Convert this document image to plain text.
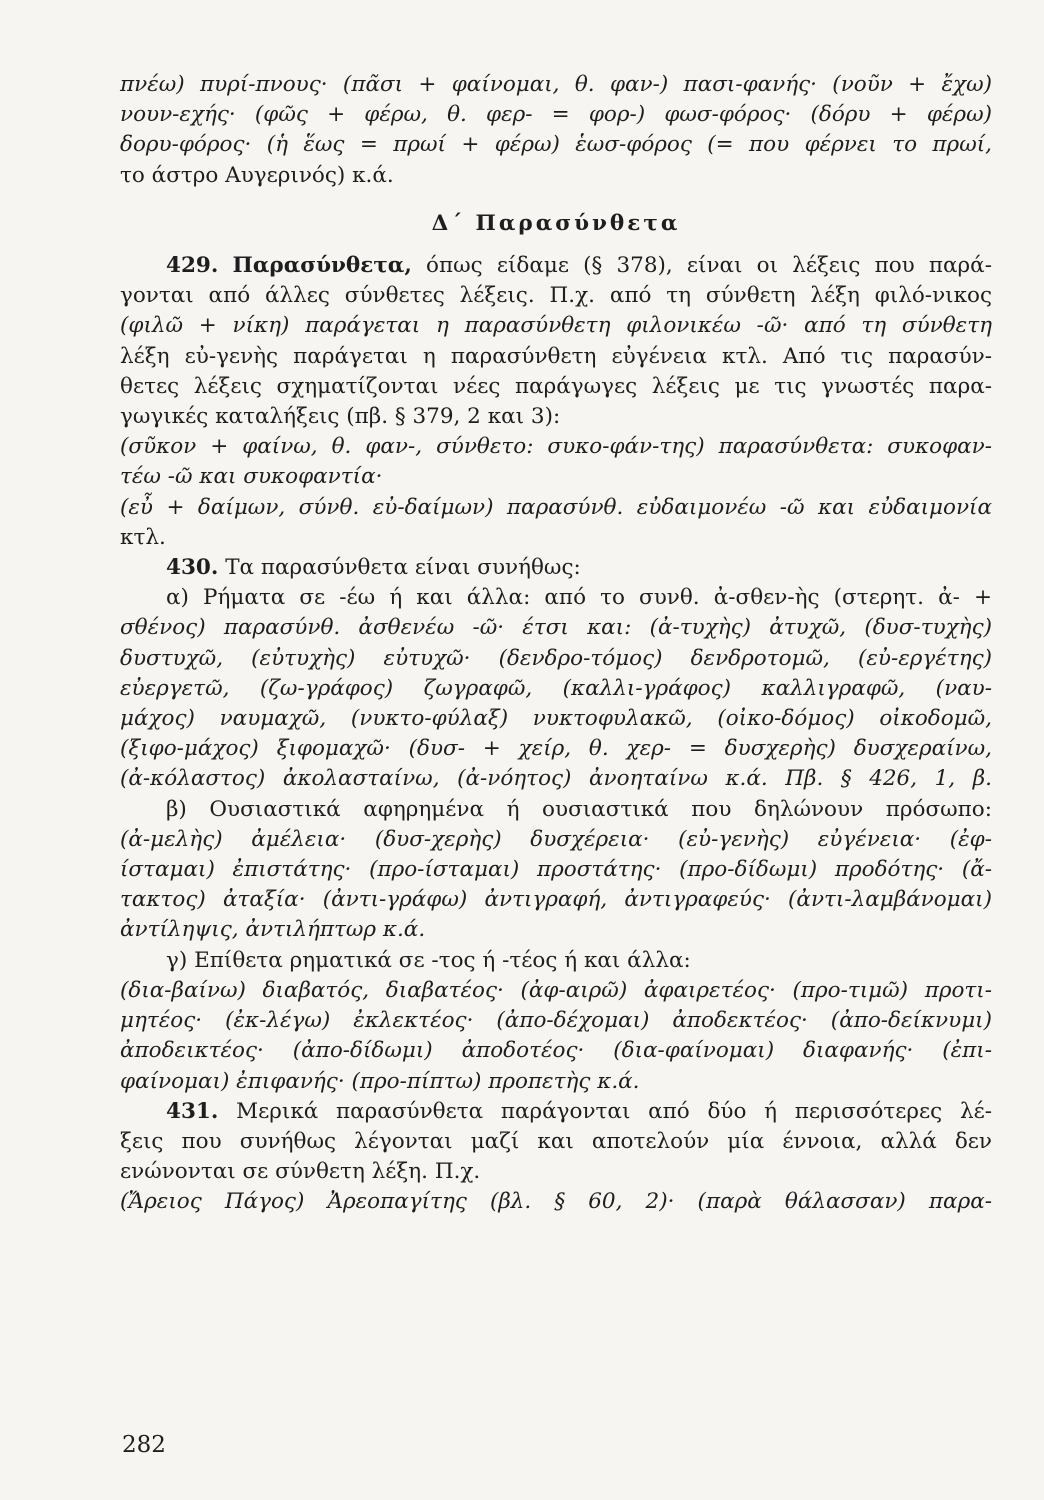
πνέω) πυρί-πνους· (πᾶσι + φαίνομαι, θ. φαν-) πασι-φανής· (νοῦν + ἔχω)
νουν-εχής· (φῶς + φέρω, θ. φερ- = φορ-) φωσ-φόρος· (δόρυ + φέρω)
δορυ-φόρος· (ἡ ἕως = πρωί + φέρω) ἑωσ-φόρος (= που φέρνει το πρωί,
το άστρο Αυγερινός) κ.ά.
Δ΄ Παρασύνθετα
429. Παρασύνθετα, όπως είδαμε (§ 378), είναι οι λέξεις που παρά-
γονται από άλλες σύνθετες λέξεις. Π.χ. από τη σύνθετη λέξη φιλό-νικος
(φιλῶ + νίκη) παράγεται η παρασύνθετη φιλονικέω -ῶ· από τη σύνθετη
λέξη εὐ-γενὴς παράγεται η παρασύνθετη εὐγένεια κτλ. Από τις παρασύν-
θετες λέξεις σχηματίζονται νέες παράγωγες λέξεις με τις γνωστές παρα-
γωγικές καταλήξεις (πβ. § 379, 2 και 3):
(σῦκον + φαίνω, θ. φαν-, σύνθετο: συκο-φάν-της) παρασύνθετα: συκοφαν-
τέω -ῶ και συκοφαντία·
(εὖ + δαίμων, σύνθ. εὐ-δαίμων) παρασύνθ. εὐδαιμονέω -ῶ και εὐδαιμονία
κτλ.
430. Τα παρασύνθετα είναι συνήθως:
α) Ρήματα σε -έω ή και άλλα: από το συνθ. ἀ-σθεν-ὴς (στερητ. ἀ- +
σθένος) παρασύνθ. ἀσθενέω -ῶ· έτσι και: (ἀ-τυχὴς) ἀτυχῶ, (δυσ-τυχὴς)
δυστυχῶ, (εὐτυχὴς) εὐτυχῶ· (δενδρο-τόμος) δενδροτομῶ, (εὐ-εργέτης)
εὐεργετῶ, (ζω-γράφος) ζωγραφῶ, (καλλι-γράφος) καλλιγραφῶ, (ναυ-
μάχος) ναυμαχῶ, (νυκτο-φύλαξ) νυκτοφυλακῶ, (οἰκο-δόμος) οἰκοδομῶ,
(ξιφο-μάχος) ξιφομαχῶ· (δυσ- + χείρ, θ. χερ- = δυσχερὴς) δυσχεραίνω,
(ἀ-κόλαστος) ἀκολασταίνω, (ἀ-νόητος) ἀνοηταίνω κ.ά. Πβ. § 426, 1, β.
β) Ουσιαστικά αφηρημένα ή ουσιαστικά που δηλώνουν πρόσωπο:
(ἀ-μελὴς) ἀμέλεια· (δυσ-χερὴς) δυσχέρεια· (εὐ-γενὴς) εὐγένεια· (ἐφ-
ίσταμαι) ἐπιστάτης· (προ-ίσταμαι) προστάτης· (προ-δίδωμι) προδότης· (ἄ-
τακτος) ἀταξία· (ἀντι-γράφω) ἀντιγραφή, ἀντιγραφεύς· (ἀντι-λαμβάνομαι)
ἀντίληψις, ἀντιλήπτωρ κ.ά.
γ) Επίθετα ρηματικά σε -τος ή -τέος ή και άλλα:
(δια-βαίνω) διαβατός, διαβατέος· (ἀφ-αιρῶ) ἀφαιρετέος· (προ-τιμῶ) προτι-
μητέος· (ἐκ-λέγω) ἐκλεκτέος· (ἀπο-δέχομαι) ἀποδεκτέος· (ἀπο-δείκνυμι)
ἀποδεικτέος· (ἀπο-δίδωμι) ἀποδοτέος· (δια-φαίνομαι) διαφανής· (ἐπι-
φαίνομαι) ἐπιφανής· (προ-πίπτω) προπετὴς κ.ά.
431. Μερικά παρασύνθετα παράγονται από δύο ή περισσότερες λέ-
ξεις που συνήθως λέγονται μαζί και αποτελούν μία έννοια, αλλά δεν
ενώνονται σε σύνθετη λέξη. Π.χ.
(Ἄρειος Πάγος) Ἀρεοπαγίτης (βλ. § 60, 2)· (παρὰ θάλασσαν) παρα-
282
